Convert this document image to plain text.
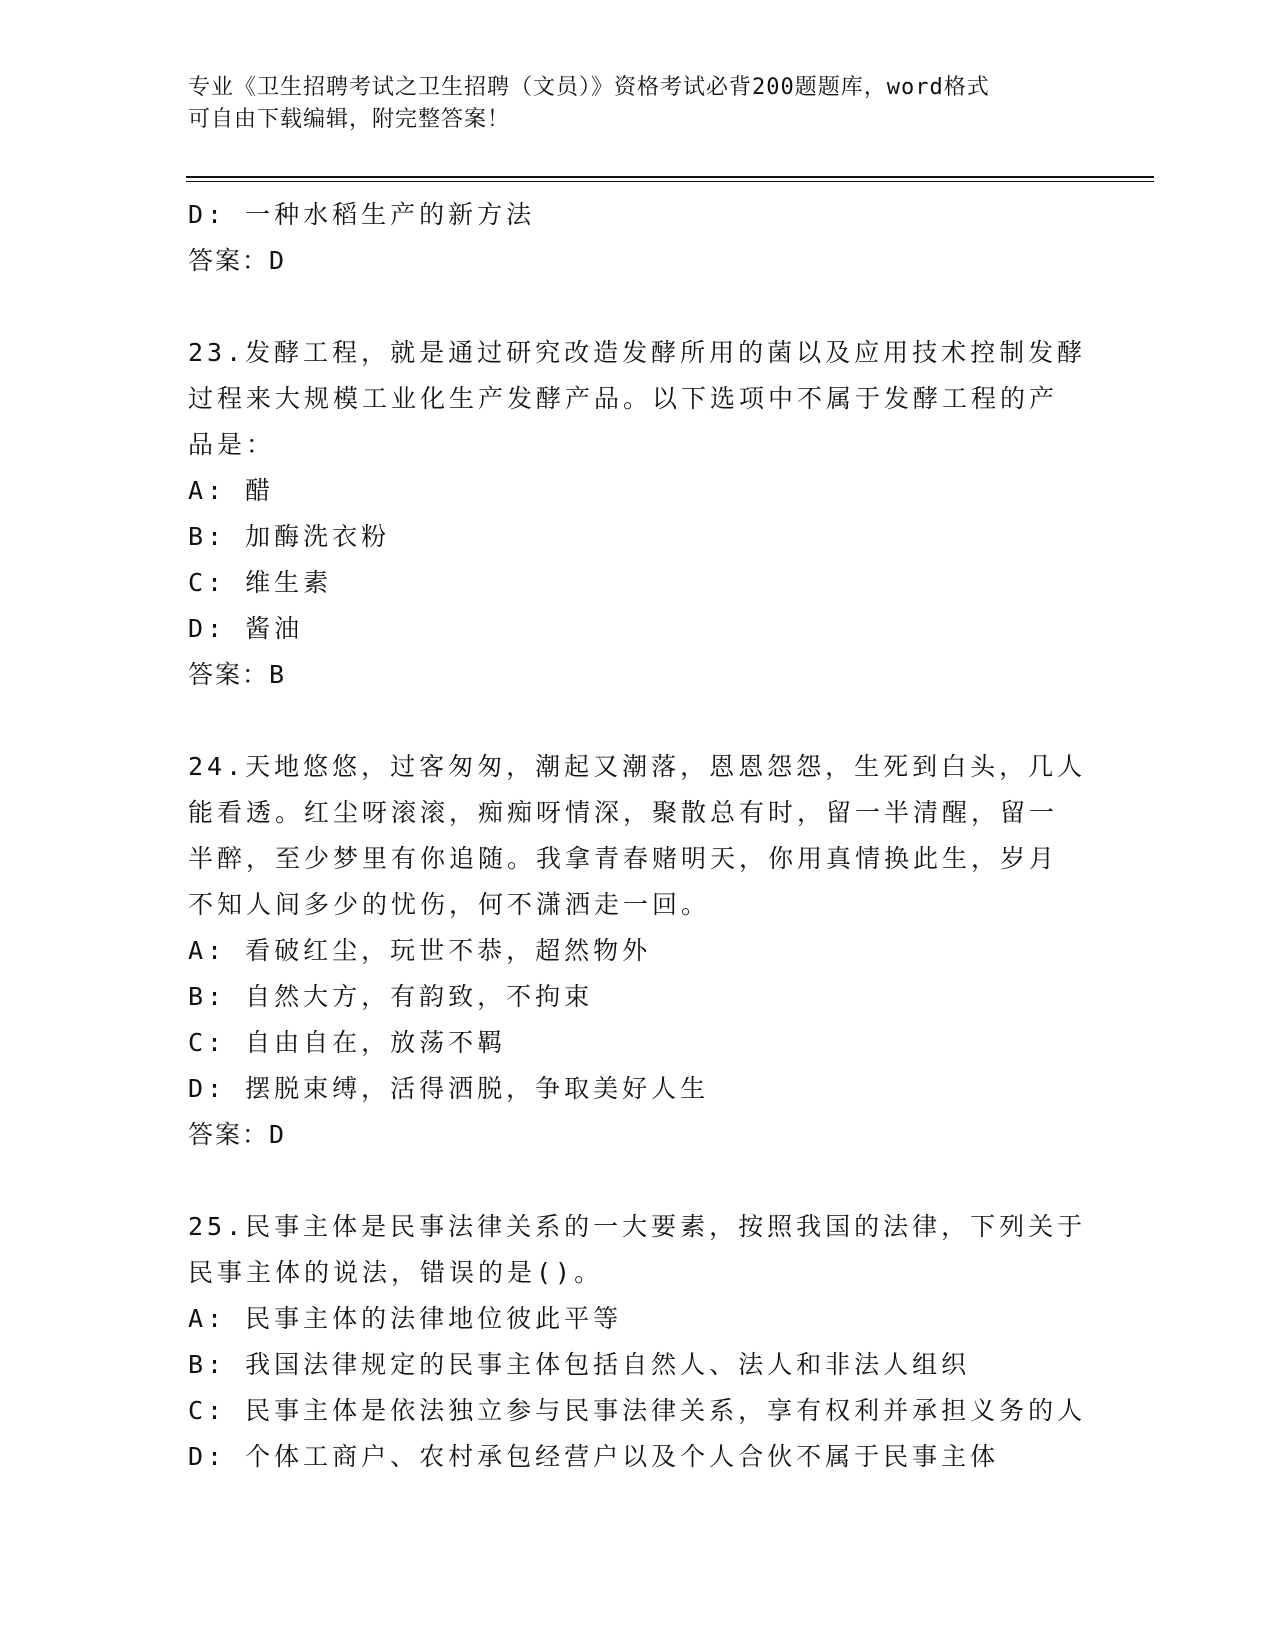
专业《卫生招聘考试之卫生招聘（文员）》资格考试必背200题题库，word格式
可自由下载编辑，附完整答案！

D: 一种水稻生产的新方法

答案：D

23.发酵工程，就是通过研究改造发酵所用的菌以及应用技术控制发酵

过程来大规模工业化生产发酵产品。以下选项中不属于发酵工程的产

品是：

A: 醋

B: 加酶洗衣粉

C: 维生素

D: 酱油

答案：B

24.天地悠悠，过客匆匆，潮起又潮落，恩恩怨怨，生死到白头，几人

能看透。红尘呀滚滚，痴痴呀情深，聚散总有时，留一半清醒，留一

半醉，至少梦里有你追随。我拿青春赌明天，你用真情换此生，岁月

不知人间多少的忧伤，何不潇洒走一回。

A: 看破红尘，玩世不恭，超然物外

B: 自然大方，有韵致，不拘束

C: 自由自在，放荡不羁

D: 摆脱束缚，活得洒脱，争取美好人生

答案：D

25.民事主体是民事法律关系的一大要素，按照我国的法律，下列关于

民事主体的说法，错误的是()。

A: 民事主体的法律地位彼此平等

B: 我国法律规定的民事主体包括自然人、法人和非法人组织

C: 民事主体是依法独立参与民事法律关系，享有权利并承担义务的人

D: 个体工商户、农村承包经营户以及个人合伙不属于民事主体
